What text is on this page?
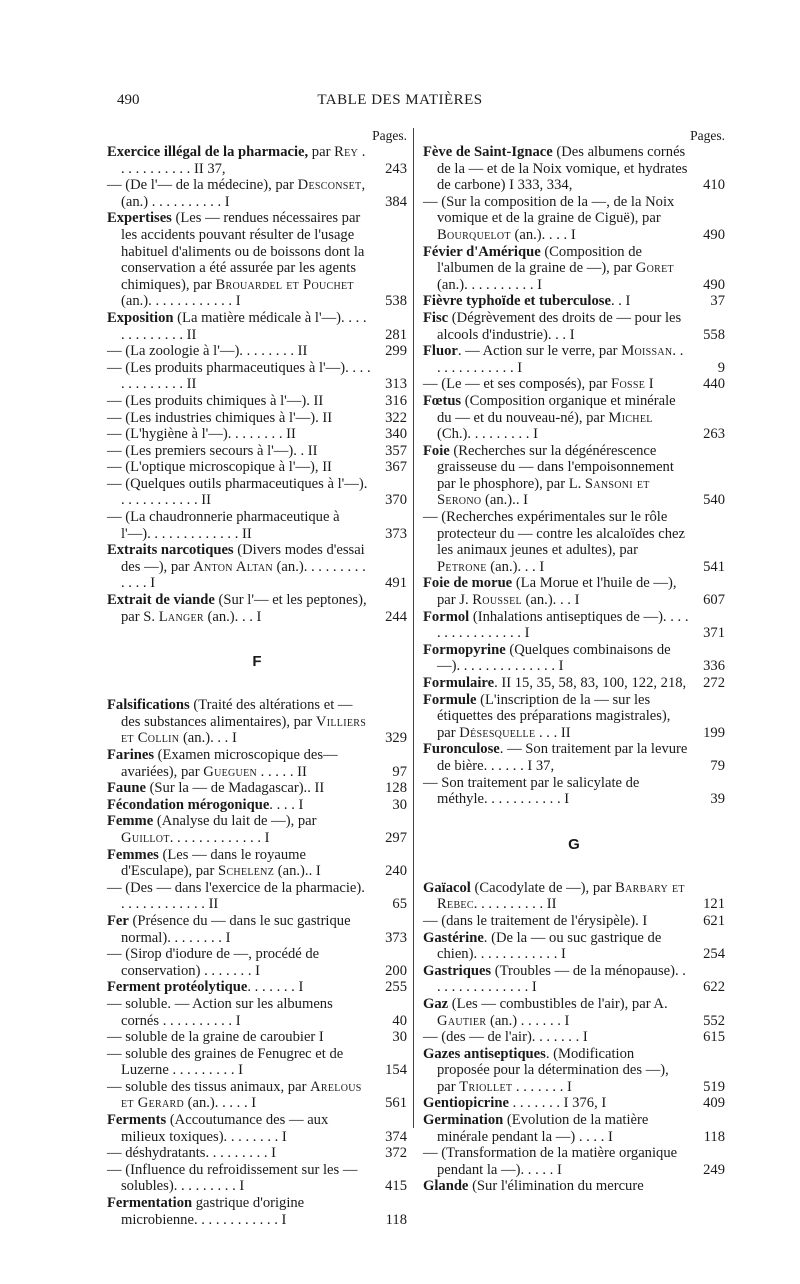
490	TABLE DES MATIÈRES
Pages.
Exercice illégal de la pharmacie, par Rey . . . . . . . . . . . II 37,	243
— (De l'— de la médecine), par Desconset, (an.) . . . . . . . . . . I	384
Expertises (Les — rendues nécessaires par les accidents pouvant résulter de l'usage habituel d'aliments ou de boissons dont la conservation a été assurée par les agents chimiques), par Brouardel et Pouchet (an.). . . . . . . . . . . . I	538
Exposition (La matière médicale à l'—). . . . . . . . . . . . . II	281
— (La zoologie à l'—). . . . . . . . II	299
— (Les produits pharmaceutiques à l'—). . . . . . . . . . . . . II	313
— (Les produits chimiques à l'—). II	316
— (Les industries chimiques à l'—). II	322
— (L'hygiène à l'—). . . . . . . . II	340
— (Les premiers secours à l'—). . II	357
— (L'optique microscopique à l'—), II	367
— (Quelques outils pharmaceutiques à l'—). . . . . . . . . . . . II	370
— (La chaudronnerie pharmaceutique à l'—). . . . . . . . . . . . . II	373
Extraits narcotiques (Divers modes d'essai des —), par Anton Altan (an.). . . . . . . . . . . . . I	491
Extrait de viande (Sur l'— et les peptones), par S. Langer (an.). . . I	244
F
Falsifications (Traité des altérations et — des substances alimentaires), par Villiers et Collin (an.). . . I	329
Farines (Examen microscopique des— avariées), par Gueguen . . . . . II	97
Faune (Sur la — de Madagascar).. II	128
Fécondation mérogonique. . . . I	30
Femme (Analyse du lait de —), par Guillot. . . . . . . . . . . . . I	297
Femmes (Les — dans le royaume d'Esculape), par Schelenz (an.).. I	240
— (Des — dans l'exercice de la pharmacie). . . . . . . . . . . . . II	65
Fer (Présence du — dans le suc gastrique normal). . . . . . . . I	373
— (Sirop d'iodure de —, procédé de conservation) . . . . . . . I	200
Ferment protéolytique. . . . . . . I	255
— soluble. — Action sur les albumens cornés . . . . . . . . . . I	40
— soluble de la graine de caroubier I	30
— soluble des graines de Fenugrec et de Luzerne . . . . . . . . . I	154
— soluble des tissus animaux, par Arelous et Gerard (an.). . . . . I	561
Ferments (Accoutumance des — aux milieux toxiques). . . . . . . . I	374
— déshydratants. . . . . . . . . I	372
— (Influence du refroidissement sur les — solubles). . . . . . . . . I	415
Fermentation gastrique d'origine microbienne. . . . . . . . . . . . I	118
Pages.
Fève de Saint-Ignace (Des albumens cornés de la — et de la Noix vomique, et hydrates de carbone) I 333, 334,	410
— (Sur la composition de la —, de la Noix vomique et de la graine de Ciguë), par Bourquelot (an.). . . . I	490
Févier d'Amérique (Composition de l'albumen de la graine de —), par Goret (an.). . . . . . . . . . I	490
Fièvre typhoïde et tuberculose. . I	37
Fisc (Dégrèvement des droits de — pour les alcools d'industrie). . . I	558
Fluor. — Action sur le verre, par Moissan. . . . . . . . . . . . . I	9
— (Le — et ses composés), par Fosse I	440
Fœtus (Composition organique et minérale du — et du nouveau-né), par Michel (Ch.). . . . . . . . . I	263
Foie (Recherches sur la dégénérescence graisseuse du — dans l'empoisonnement par le phosphore), par L. Sansoni et Serono (an.).. I	540
— (Recherches expérimentales sur le rôle protecteur du — contre les alcaloïdes chez les animaux jeunes et adultes), par Petrone (an.). . . I	541
Foie de morue (La Morue et l'huile de —), par J. Roussel (an.). . . I	607
Formol (Inhalations antiseptiques de —). . . . . . . . . . . . . . . . I	371
Formopyrine (Quelques combinaisons de —). . . . . . . . . . . . . . I	336
Formulaire. II 15, 35, 58, 83, 100, 122, 218, 272
Formule (L'inscription de la — sur les étiquettes des préparations magistrales), par Désesquelle . . . II	199
Furonculose. — Son traitement par la levure de bière. . . . . . I 37,	79
— Son traitement par le salicylate de méthyle. . . . . . . . . . . I	39
G
Gaïacol (Cacodylate de —), par Barbary et Rebec. . . . . . . . . . II	121
— (dans le traitement de l'érysipèle). I	621
Gastérine. (De la — ou suc gastrique de chien). . . . . . . . . . . . I	254
Gastriques (Troubles — de la ménopause). . . . . . . . . . . . . . . I	622
Gaz (Les — combustibles de l'air), par A. Gautier (an.) . . . . . . I	552
— (des — de l'air). . . . . . . I	615
Gazes antiseptiques. (Modification proposée pour la détermination des —), par Triollet . . . . . . . I	519
Gentiopicrine . . . . . . . I 376, I	409
Germination (Evolution de la matière minérale pendant la —) . . . . I	118
— (Transformation de la matière organique pendant la —). . . . . I	249
Glande (Sur l'élimination du mercure
